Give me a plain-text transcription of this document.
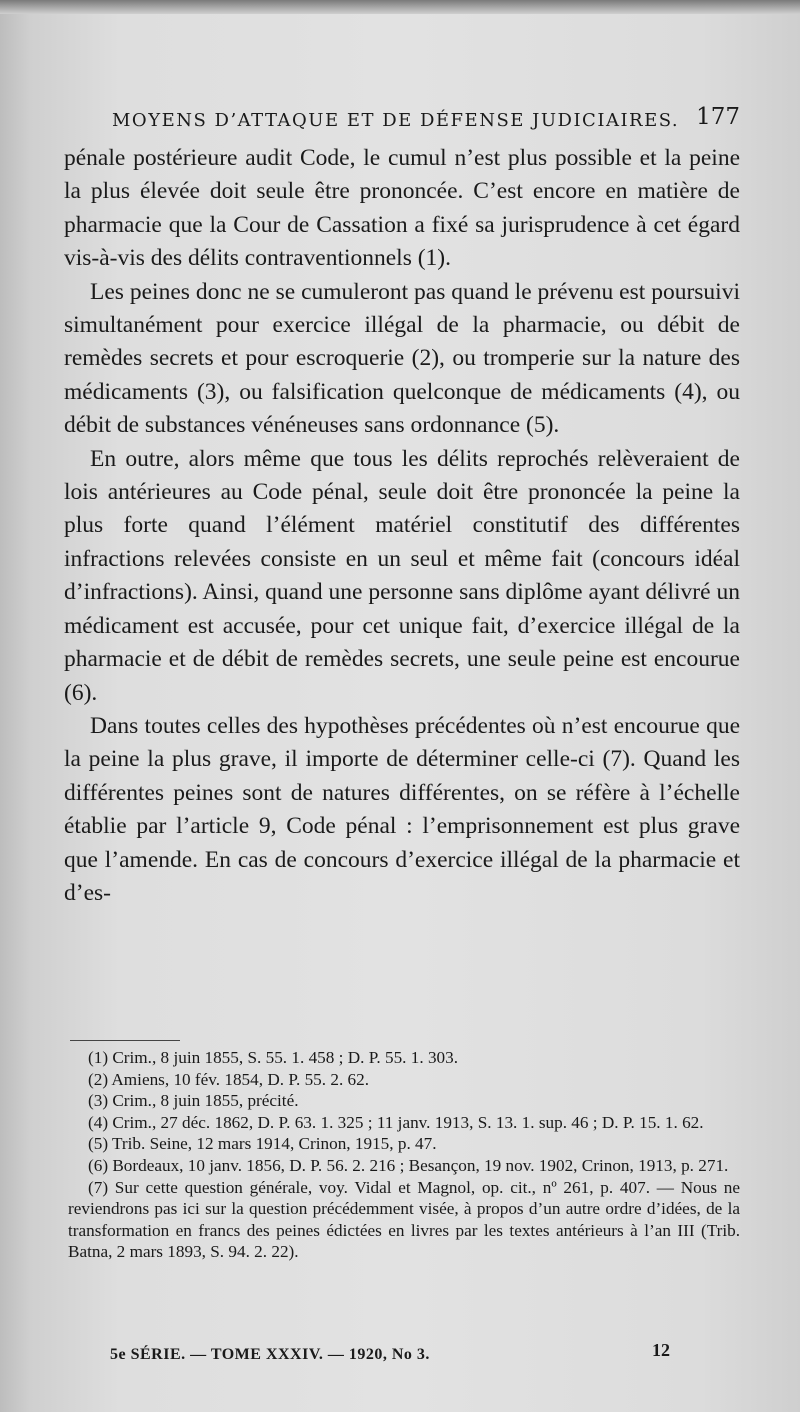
MOYENS D’ATTAQUE ET DE DÉFENSE JUDICIAIRES. 177

pénale postérieure audit Code, le cumul n’est plus possible et la peine la plus élevée doit seule être prononcée. C’est encore en matière de pharmacie que la Cour de Cassation a fixé sa jurisprudence à cet égard vis-à-vis des délits contraventionnels (1).

Les peines donc ne se cumuleront pas quand le prévenu est poursuivi simultanément pour exercice illégal de la pharmacie, ou débit de remèdes secrets et pour escroquerie (2), ou tromperie sur la nature des médicaments (3), ou falsification quelconque de médicaments (4), ou débit de substances vénéneuses sans ordonnance (5).

En outre, alors même que tous les délits reprochés relèveraient de lois antérieures au Code pénal, seule doit être prononcée la peine la plus forte quand l’élément matériel constitutif des différentes infractions relevées consiste en un seul et même fait (concours idéal d’infractions). Ainsi, quand une personne sans diplôme ayant délivré un médicament est accusée, pour cet unique fait, d’exercice illégal de la pharmacie et de débit de remèdes secrets, une seule peine est encourue (6).

Dans toutes celles des hypothèses précédentes où n’est encourue que la peine la plus grave, il importe de déterminer celle-ci (7). Quand les différentes peines sont de natures différentes, on se réfère à l’échelle établie par l’article 9, Code pénal : l’emprisonnement est plus grave que l’amende. En cas de concours d’exercice illégal de la pharmacie et d’es-

(1) Crim., 8 juin 1855, S. 55. 1. 458 ; D. P. 55. 1. 303.

(2) Amiens, 10 fév. 1854, D. P. 55. 2. 62.

(3) Crim., 8 juin 1855, précité.

(4) Crim., 27 déc. 1862, D. P. 63. 1. 325 ; 11 janv. 1913, S. 13. 1. sup. 46 ; D. P. 15. 1. 62.

(5) Trib. Seine, 12 mars 1914, Crinon, 1915, p. 47.

(6) Bordeaux, 10 janv. 1856, D. P. 56. 2. 216 ; Besançon, 19 nov. 1902, Crinon, 1913, p. 271.

(7) Sur cette question générale, voy. Vidal et Magnol, op. cit., nº 261, p. 407. — Nous ne reviendrons pas ici sur la question précédemment visée, à propos d’un autre ordre d’idées, de la transformation en francs des peines édictées en livres par les textes antérieurs à l’an III (Trib. Batna, 2 mars 1893, S. 94. 2. 22).

5e SÉRIE. — TOME XXXIV. — 1920, No 3.	12
